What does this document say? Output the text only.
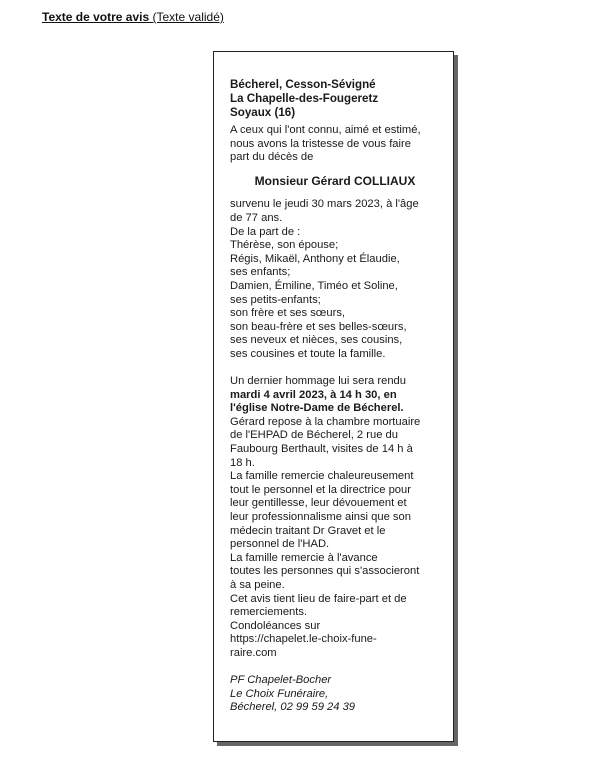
Texte de votre avis (Texte validé)
Bécherel, Cesson-Sévigné
La Chapelle-des-Fougeretz
Soyaux (16)
A ceux qui l'ont connu, aimé et estimé,
nous avons la tristesse de vous faire
part du décès de
Monsieur Gérard COLLIAUX
survenu le jeudi 30 mars 2023, à l'âge
de 77 ans.
De la part de :
Thérèse, son épouse;
Régis, Mikaël, Anthony et Élaudie,
ses enfants;
Damien, Émiline, Timéo et Soline,
ses petits-enfants;
son frère et ses sœurs,
son beau-frère et ses belles-sœurs,
ses neveux et nièces, ses cousins,
ses cousines et toute la famille.
Un dernier hommage lui sera rendu
mardi 4 avril 2023, à 14 h 30, en
l'église Notre-Dame de Bécherel.
Gérard repose à la chambre mortuaire
de l'EHPAD de Bécherel, 2 rue du
Faubourg Berthault, visites de 14 h à
18 h.
La famille remercie chaleureusement
tout le personnel et la directrice pour
leur gentillesse, leur dévouement et
leur professionnalisme ainsi que son
médecin traitant Dr Gravet et le
personnel de l'HAD.
La famille remercie à l'avance
toutes les personnes qui s'associeront
à sa peine.
Cet avis tient lieu de faire-part et de
remerciements.
Condoléances sur
https://chapelet.le-choix-fune-
raire.com
PF Chapelet-Bocher
Le Choix Funéraire,
Bécherel, 02 99 59 24 39
